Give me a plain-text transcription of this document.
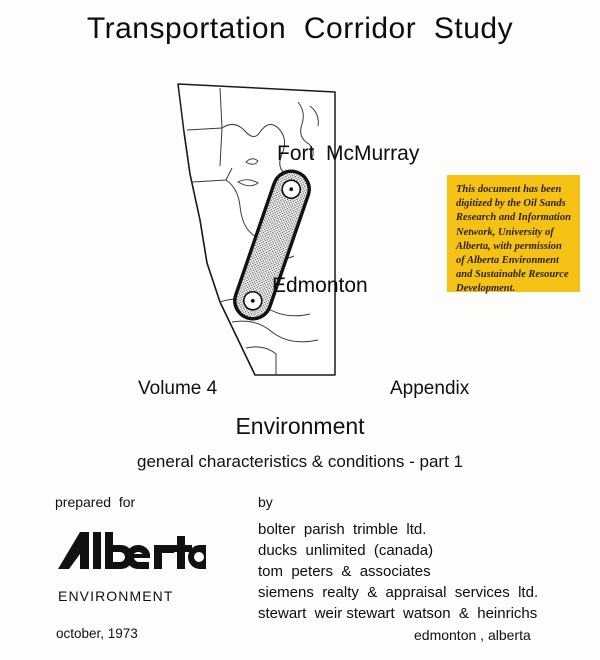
Transportation  Corridor  Study
Fort  McMurray
Edmonton

This document has been digitized by the Oil Sands Research and Information Network, University of Alberta, with permission of Alberta Environment and Sustainable Resource Development.

Volume 4	Appendix
Environment
general characteristics & conditions - part 1
prepared  for
ENVIRONMENT
october, 1973
by
bolter  parish  trimble  ltd.
ducks  unlimited  (canada)
tom  peters  &  associates
siemens  realty  &  appraisal  services  ltd.
stewart  weir stewart  watson  &  heinrichs
edmonton , alberta
